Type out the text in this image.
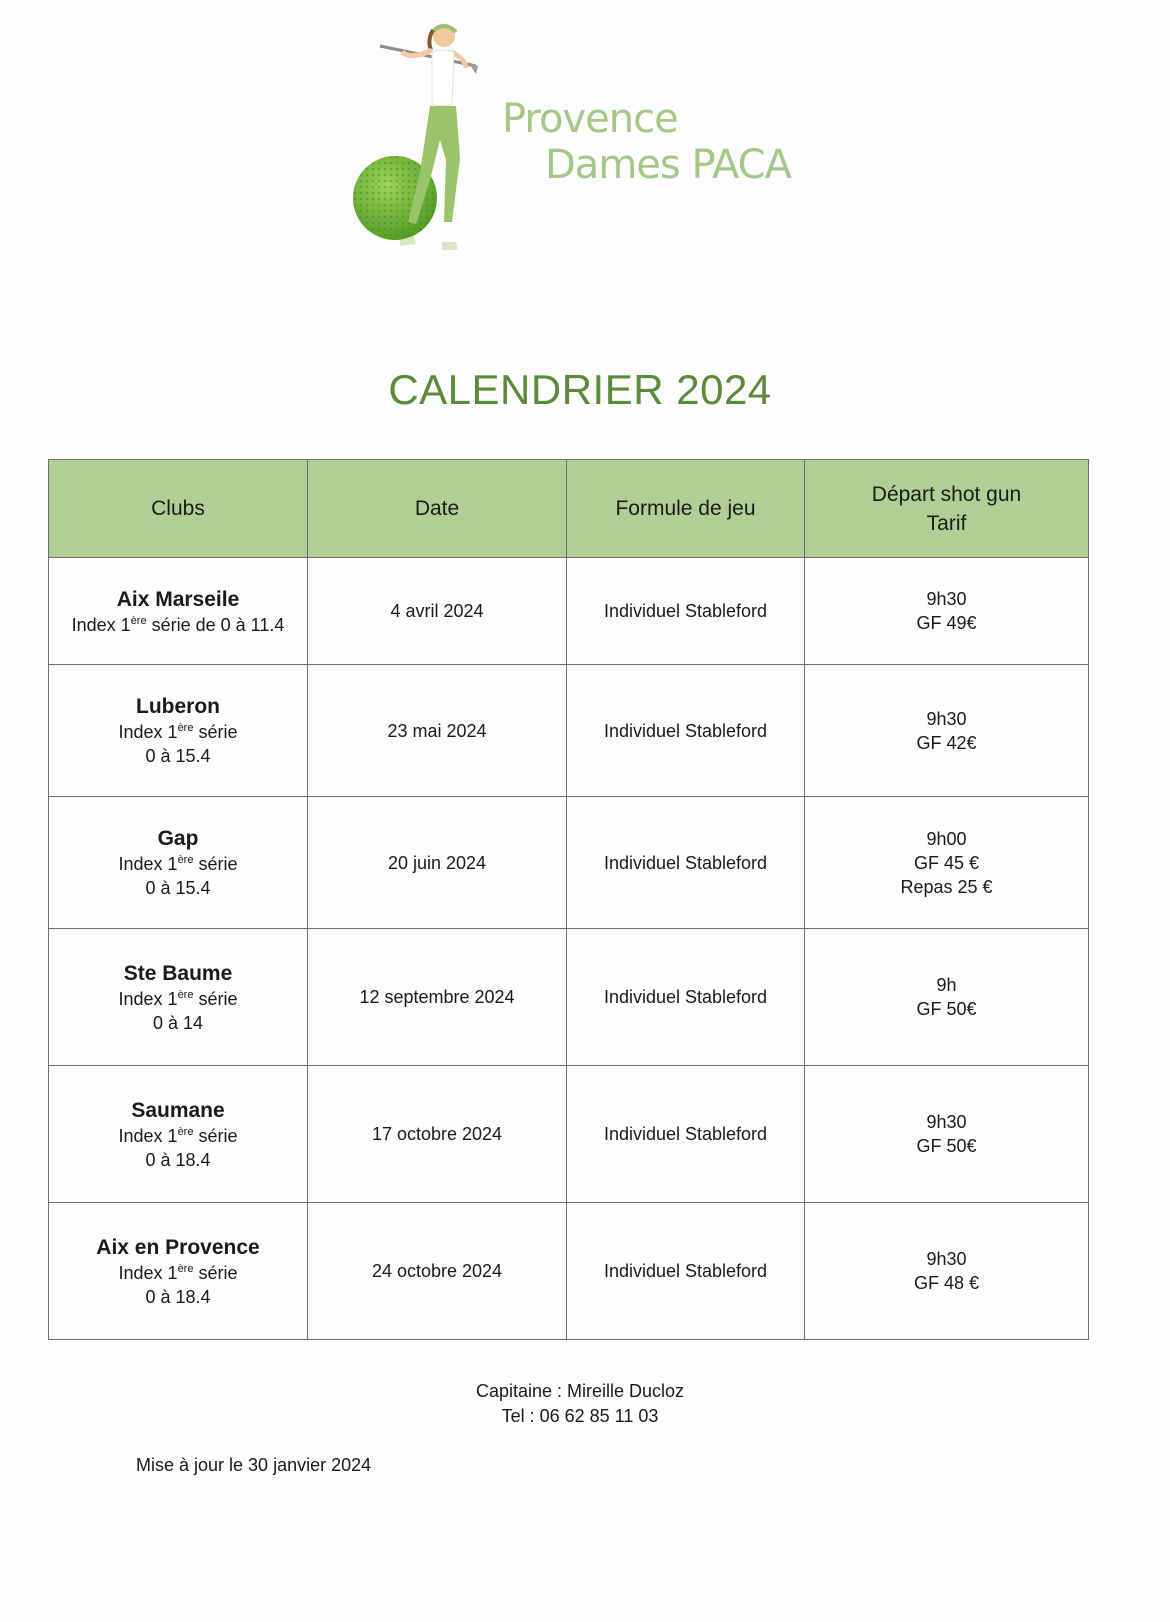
Provence
Dames PACA
CALENDRIER 2024
Clubs	Date	Formule de jeu	Départ shot gun
Tarif

Aix Marseile
Index 1ère série de 0 à 11.4	4 avril 2024	Individuel Stableford	9h30
GF 49€

Luberon
Index 1ère série
0 à 15.4	23 mai 2024	Individuel Stableford	9h30
GF 42€

Gap
Index 1ère série
0 à 15.4	20 juin 2024	Individuel Stableford	9h00
GF 45 €
Repas 25 €

Ste Baume
Index 1ère série
0 à 14	12 septembre 2024	Individuel Stableford	9h
GF 50€

Saumane
Index 1ère série
0 à 18.4	17 octobre 2024	Individuel Stableford	9h30
GF 50€

Aix en Provence
Index 1ère série
0 à 18.4	24 octobre 2024	Individuel Stableford	9h30
GF 48 €
Capitaine : Mireille Ducloz
Tel : 06 62 85 11 03
Mise à jour le 30 janvier 2024
